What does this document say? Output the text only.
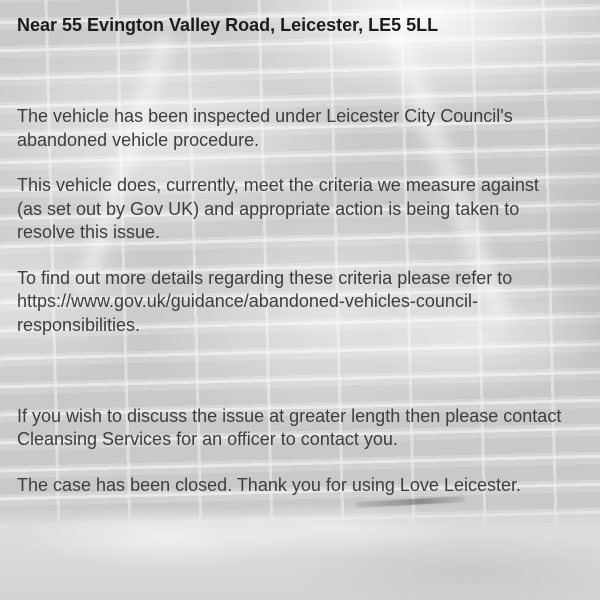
Near 55 Evington Valley Road, Leicester, LE5 5LL

The vehicle has been inspected under Leicester City Council's abandoned vehicle procedure.

This vehicle does, currently, meet the criteria we measure against (as set out by Gov UK) and appropriate action is being taken to resolve this issue.

To find out more details regarding these criteria please refer to https://www.gov.uk/guidance/abandoned-vehicles-council-responsibilities.

If you wish to discuss the issue at greater length then please contact Cleansing Services for an officer to contact you.

The case has been closed. Thank you for using Love Leicester.
